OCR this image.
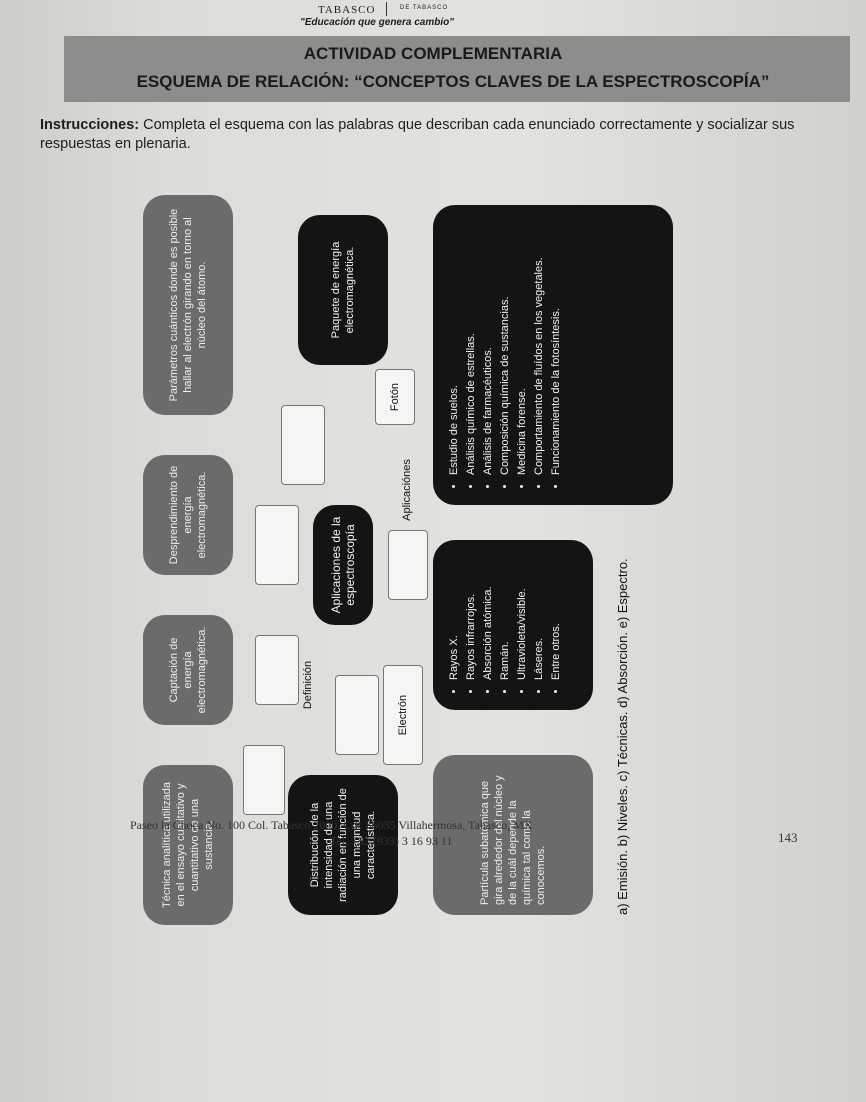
TABASCO	DE TABASCO
"Educación que genera cambio"
ACTIVIDAD COMPLEMENTARIA
ESQUEMA DE RELACIÓN: “CONCEPTOS CLAVES DE LA ESPECTROSCOPÍA”
Instrucciones: Completa el esquema con las palabras que describan cada enunciado correctamente y socializar sus respuestas en plenaria.
Técnica analítica utilizada en el ensayo cualitativo y cuantitativo de una sustancia.
Captación de energía electromagnética.
Desprendimiento de energía electromagnética.
Parámetros cuánticos donde es posible hallar al electrón girando en torno al núcleo del átomo.
Distribución de la intensidad de una radiación en función de una magnitud característica.
Definición
Aplicaciones de la espectroscopía
Paquete de energía electromagnética.
Electrón
Aplicaciónes
Fotón
Partícula subatómica que gira alrededor del núcleo y de la cuál depende la química tal como la conocemos.
• Rayos X. • Rayos infrarrojos. • Absorción atómica. • Ramán. • Ultravioleta/visible. • Láseres. • Entre otros.
• Estudio de suelos. • Análisis químico de estrellas. • Análisis de farmacéuticos. • Composición química de sustancias. • Medicina forense. • Comportamiento de fluídos en los vegetales. • Funcionamiento de la fotosíntesis.
a) Emisión. b) Niveles. c) Técnicas. d) Absorción. e) Espectro.
Paseo la Choca No. 100 Col. Tabasco 2000, C.P. 86035 Villahermosa, Tabasco, MX
Tel. +52 (933) 3 16 93 11	143
